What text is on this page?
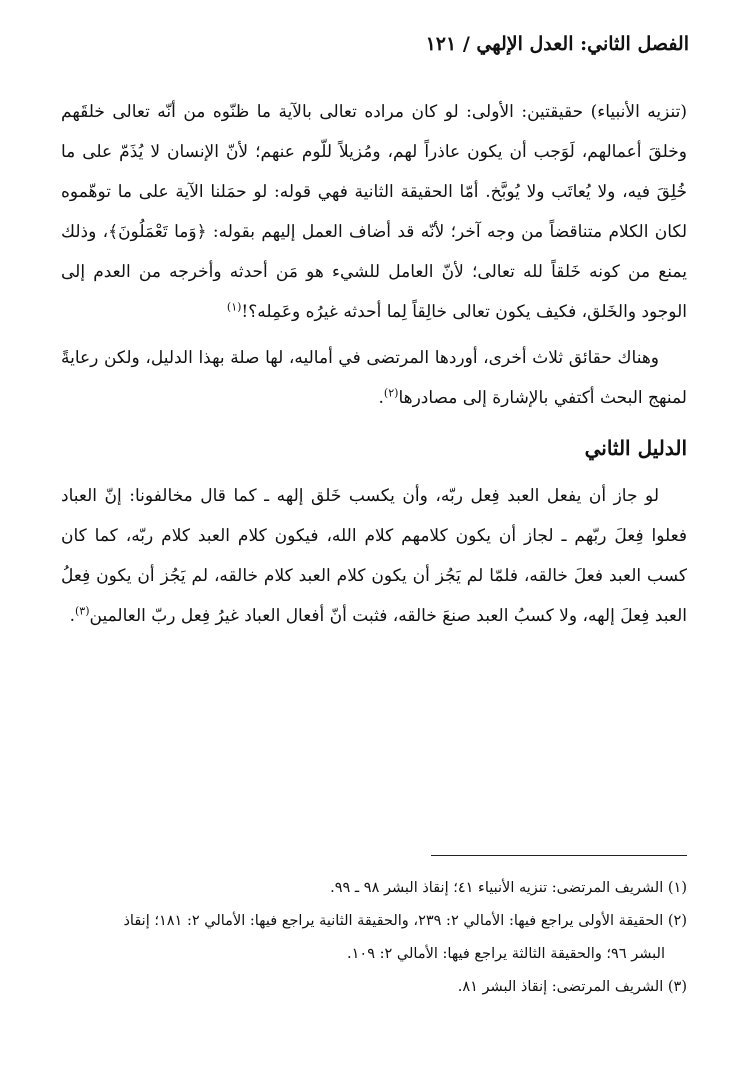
الفصل الثاني: العدل الإلهي / ١٢١

(تنزيه الأنبياء) حقيقتين: الأولى: لو كان مراده تعالى بالآية ما ظنّوه من أنّه تعالى خلقَهم وخلقَ أعمالهم، لَوَجب أن يكون عاذراً لهم، ومُزيلاً للّوم عنهم؛ لأنّ الإنسان لا يُذَمّ على ما خُلِقَ فيه، ولا يُعاتَب ولا يُوبَّخ. أمّا الحقيقة الثانية فهي قوله: لو حمَلنا الآية على ما توهّموه لكان الكلام متناقضاً من وجه آخر؛ لأنّه قد أضاف العمل إليهم بقوله: ﴿وَما تَعْمَلُونَ﴾، وذلك يمنع من كونه خَلقاً لله تعالى؛ لأنّ العامل للشيء هو مَن أحدثه وأخرجه من العدم إلى الوجود والخَلق، فكيف يكون تعالى خالِقاً لِما أحدثه غيرُه وعَمِله؟!$^{(١)}$

وهناك حقائق ثلاث أخرى، أوردها المرتضى في أماليه، لها صلة بهذا الدليل، ولكن رعايةً لمنهج البحث أكتفي بالإشارة إلى مصادرها$^{(٢)}$.

الدليل الثاني

لو جاز أن يفعل العبد فِعل ربّه، وأن يكسب خَلق إلهه ـ كما قال مخالفونا: إنّ العباد فعلوا فِعلَ ربّهم ـ لجاز أن يكون كلامهم كلام الله، فيكون كلام العبد كلام ربّه، كما كان كسب العبد فعلَ خالقه، فلمّا لم يَجُز أن يكون كلام العبد كلام خالقه، لم يَجُز أن يكون فِعلُ العبد فِعلَ إلهه، ولا كسبُ العبد صنعَ خالقه، فثبت أنّ أفعال العباد غيرُ فِعل ربّ العالمين$^{(٣)}$.

(١) الشريف المرتضى: تنزيه الأنبياء ٤١؛ إنقاذ البشر ٩٨ ـ ٩٩.

(٢) الحقيقة الأولى يراجع فيها: الأمالي ٢: ٢٣٩، والحقيقة الثانية يراجع فيها: الأمالي ٢: ١٨١؛ إنقاذ

البشر ٩٦؛ والحقيقة الثالثة يراجع فيها: الأمالي ٢: ١٠٩.

(٣) الشريف المرتضى: إنقاذ البشر ٨١.
